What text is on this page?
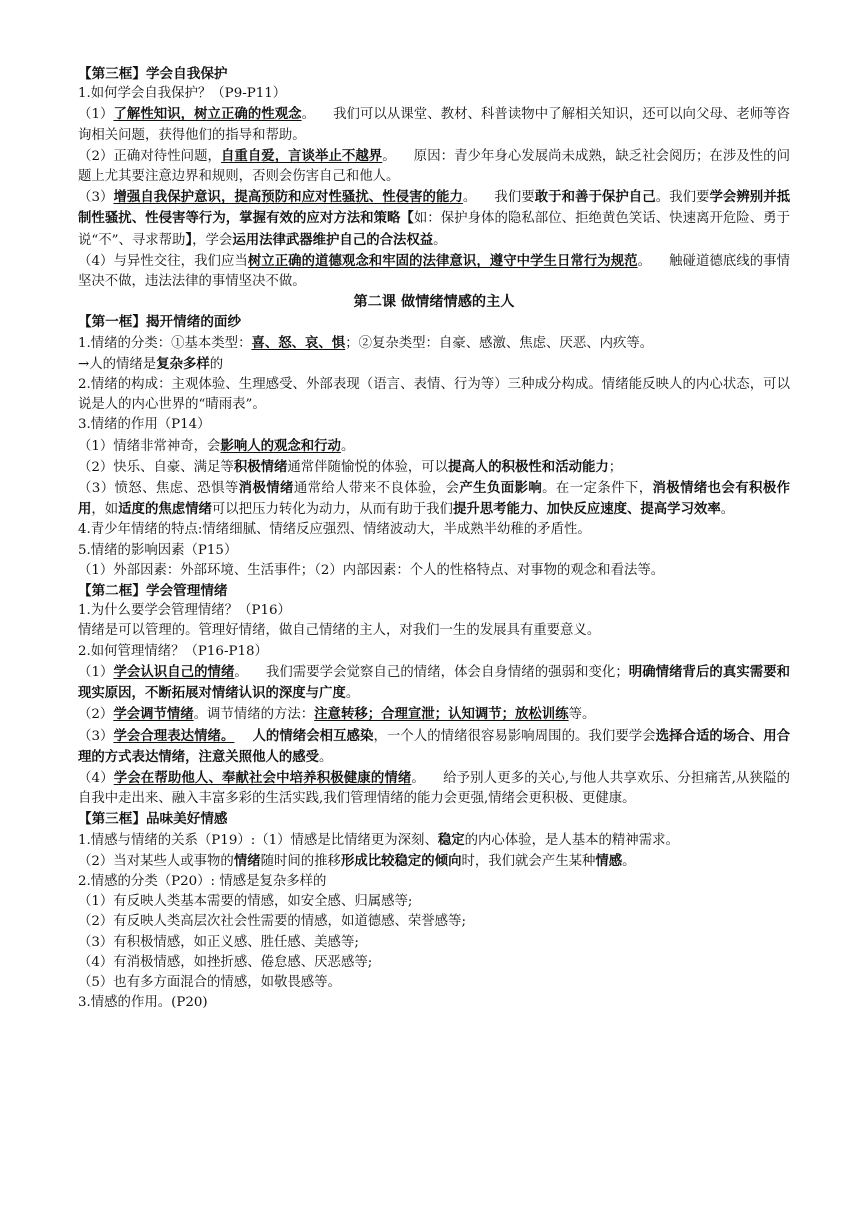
【第三框】学会自我保护

1.如何学会自我保护？（P9-P11）

（1）了解性知识，树立正确的性观念。 我们可以从课堂、教材、科普读物中了解相关知识，还可以向父母、老师等咨询相关问题，获得他们的指导和帮助。

（2）正确对待性问题，自重自爱，言谈举止不越界。 原因：青少年身心发展尚未成熟，缺乏社会阅历；在涉及性的问题上尤其要注意边界和规则，否则会伤害自己和他人。

（3）增强自我保护意识，提高预防和应对性骚扰、性侵害的能力。 我们要敢于和善于保护自己。我们要学会辨别并抵制性骚扰、性侵害等行为，掌握有效的应对方法和策略【如：保护身体的隐私部位、拒绝黄色笑话、快速离开危险、勇于说“不”、寻求帮助】，学会运用法律武器维护自己的合法权益。

（4）与异性交往，我们应当树立正确的道德观念和牢固的法律意识，遵守中学生日常行为规范。 触碰道德底线的事情坚决不做，违法法律的事情坚决不做。

第二课 做情绪情感的主人

【第一框】揭开情绪的面纱

1.情绪的分类：①基本类型：喜、怒、哀、惧；②复杂类型：自豪、感激、焦虑、厌恶、内疚等。

→人的情绪是复杂多样的

2.情绪的构成：主观体验、生理感受、外部表现（语言、表情、行为等）三种成分构成。情绪能反映人的内心状态，可以说是人的内心世界的“晴雨表”。

3.情绪的作用（P14）

（1）情绪非常神奇，会影响人的观念和行动。

（2）快乐、自豪、满足等积极情绪通常伴随愉悦的体验，可以提高人的积极性和活动能力；

（3）愤怒、焦虑、恐惧等消极情绪通常给人带来不良体验，会产生负面影响。在一定条件下，消极情绪也会有积极作用，如适度的焦虑情绪可以把压力转化为动力，从而有助于我们提升思考能力、加快反应速度、提高学习效率。

4.青少年情绪的特点:情绪细腻、情绪反应强烈、情绪波动大，半成熟半幼稚的矛盾性。

5.情绪的影响因素（P15）

（1）外部因素：外部环境、生活事件；（2）内部因素：个人的性格特点、对事物的观念和看法等。

【第二框】学会管理情绪

1.为什么要学会管理情绪？（P16）

情绪是可以管理的。管理好情绪，做自己情绪的主人，对我们一生的发展具有重要意义。

2.如何管理情绪？（P16-P18）

（1）学会认识自己的情绪。 我们需要学会觉察自己的情绪，体会自身情绪的强弱和变化；明确情绪背后的真实需要和现实原因，不断拓展对情绪认识的深度与广度。

（2）学会调节情绪。调节情绪的方法：注意转移；合理宣泄；认知调节；放松训练等。

（3）学会合理表达情绪。 人的情绪会相互感染，一个人的情绪很容易影响周围的。我们要学会选择合适的场合、用合理的方式表达情绪，注意关照他人的感受。

（4）学会在帮助他人、奉献社会中培养积极健康的情绪。 给予别人更多的关心,与他人共享欢乐、分担痛苦,从狭隘的自我中走出来、融入丰富多彩的生活实践,我们管理情绪的能力会更强,情绪会更积极、更健康。

【第三框】品味美好情感

1.情感与情绪的关系（P19）:（1）情感是比情绪更为深刻、稳定的内心体验，是人基本的精神需求。

（2）当对某些人或事物的情绪随时间的推移形成比较稳定的倾向时，我们就会产生某种情感。

2.情感的分类（P20）: 情感是复杂多样的

（1）有反映人类基本需要的情感，如安全感、归属感等;

（2）有反映人类高层次社会性需要的情感，如道德感、荣誉感等;

（3）有积极情感，如正义感、胜任感、美感等;

（4）有消极情感，如挫折感、倦怠感、厌恶感等;

（5）也有多方面混合的情感，如敬畏感等。

3.情感的作用。(P20)
